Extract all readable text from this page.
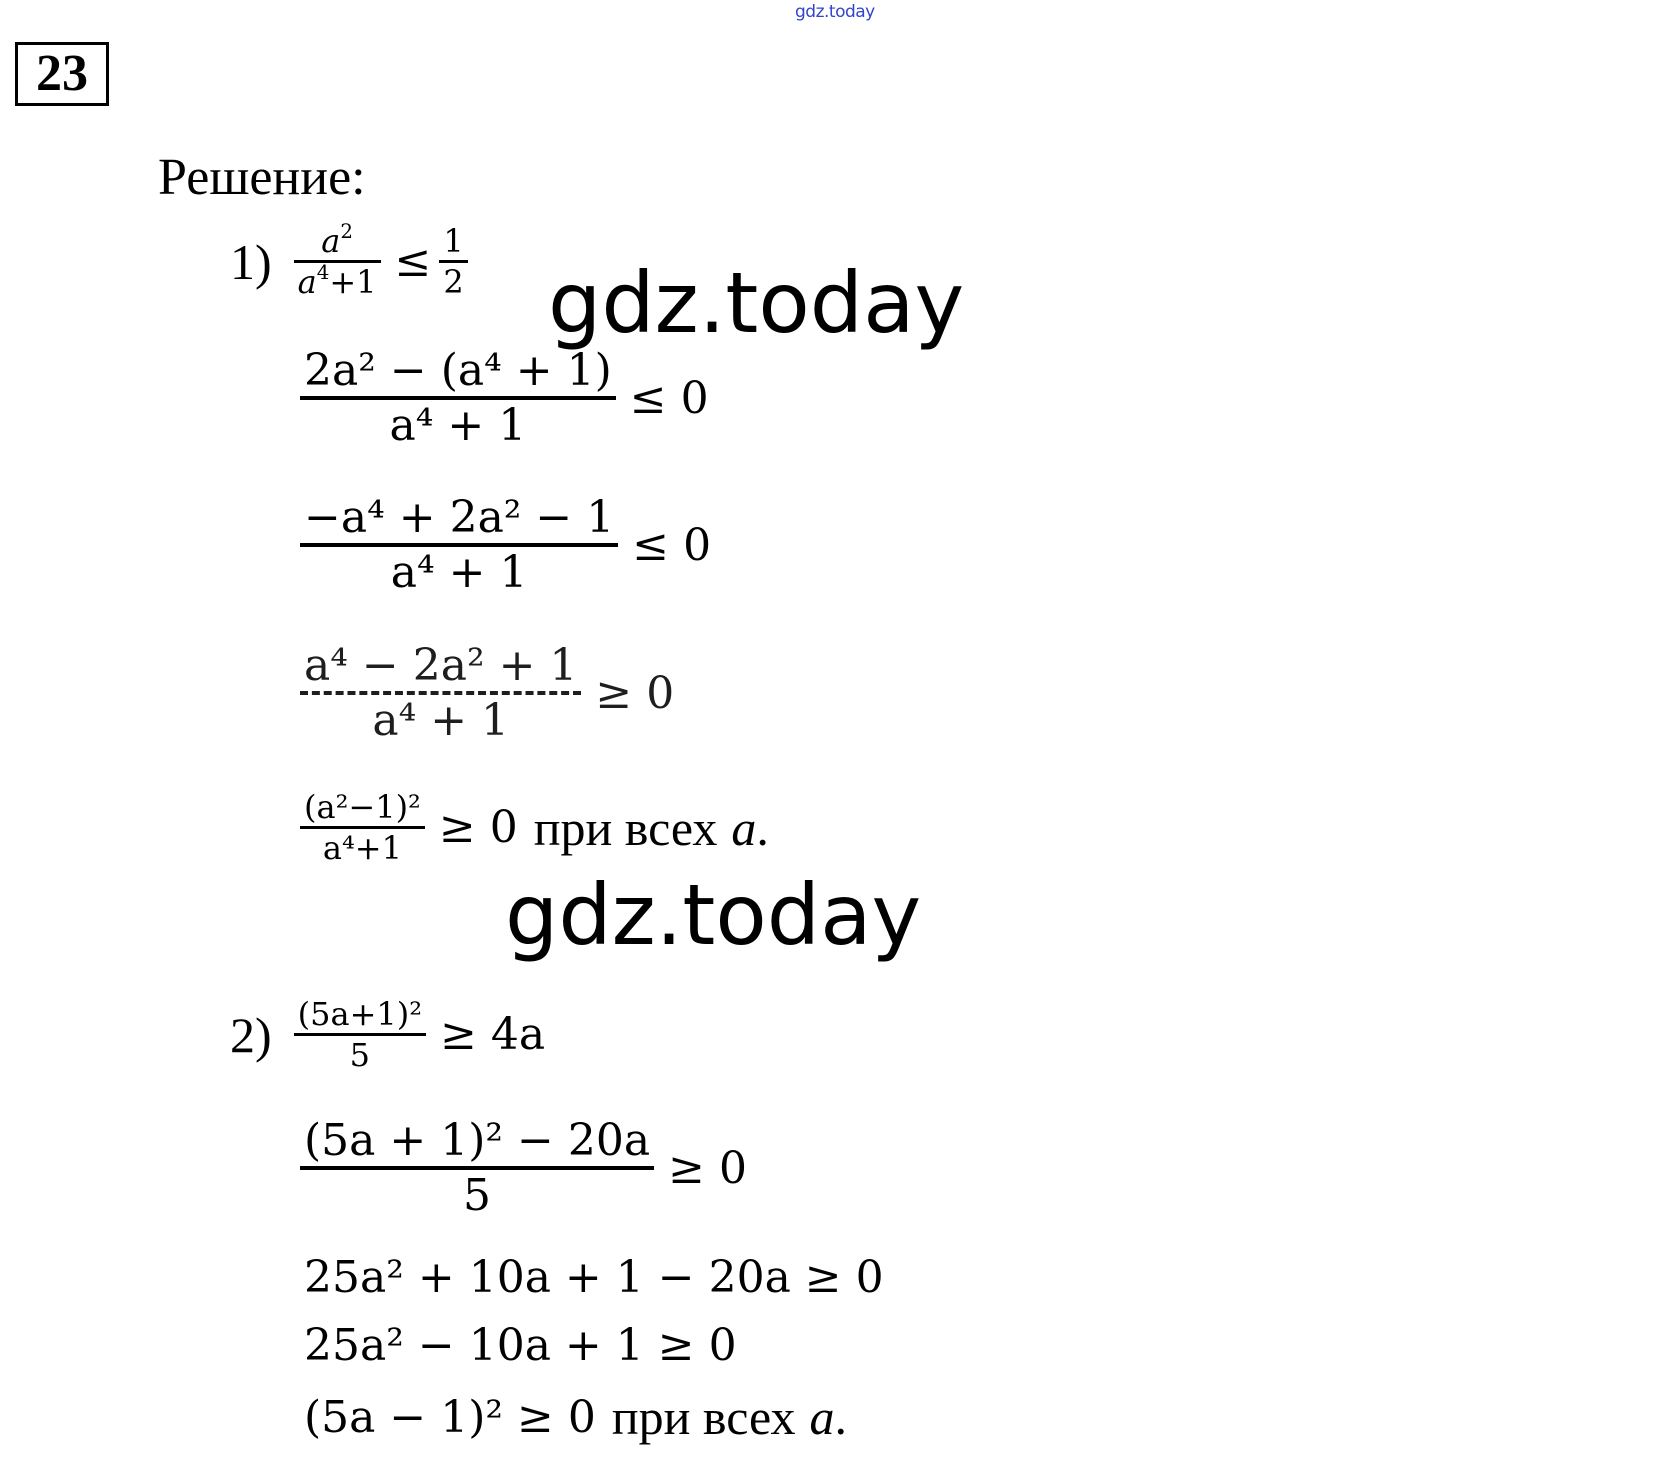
gdz.today
23
Решение:
$1) \frac{a^2}{a^4+1} \le \frac{1}{2}$ gdz.today
$\frac{\text{2a² − (a⁴ + 1)}}{\text{a⁴ + 1}} \le 0$
$\frac{\text{−a⁴ + 2a² − 1}}{\text{a⁴ + 1}} \le 0$
$\frac{\text{a⁴ − 2a² + 1}}{\text{a⁴ + 1}} \ge 0$
$\frac{\text{(a²−1)²}}{\text{a⁴+1}} \ge 0$ при всех a .
gdz.today
$2) \frac{\text{(5a+1)²}}{5} \ge 4a$
$\frac{\text{(5a + 1)² − 20a}}{5} \ge 0$
25a² + 10a + 1 − 20a ≥ 0
25a² − 10a + 1 ≥ 0
(5a − 1)² ≥ 0 при всех a .
